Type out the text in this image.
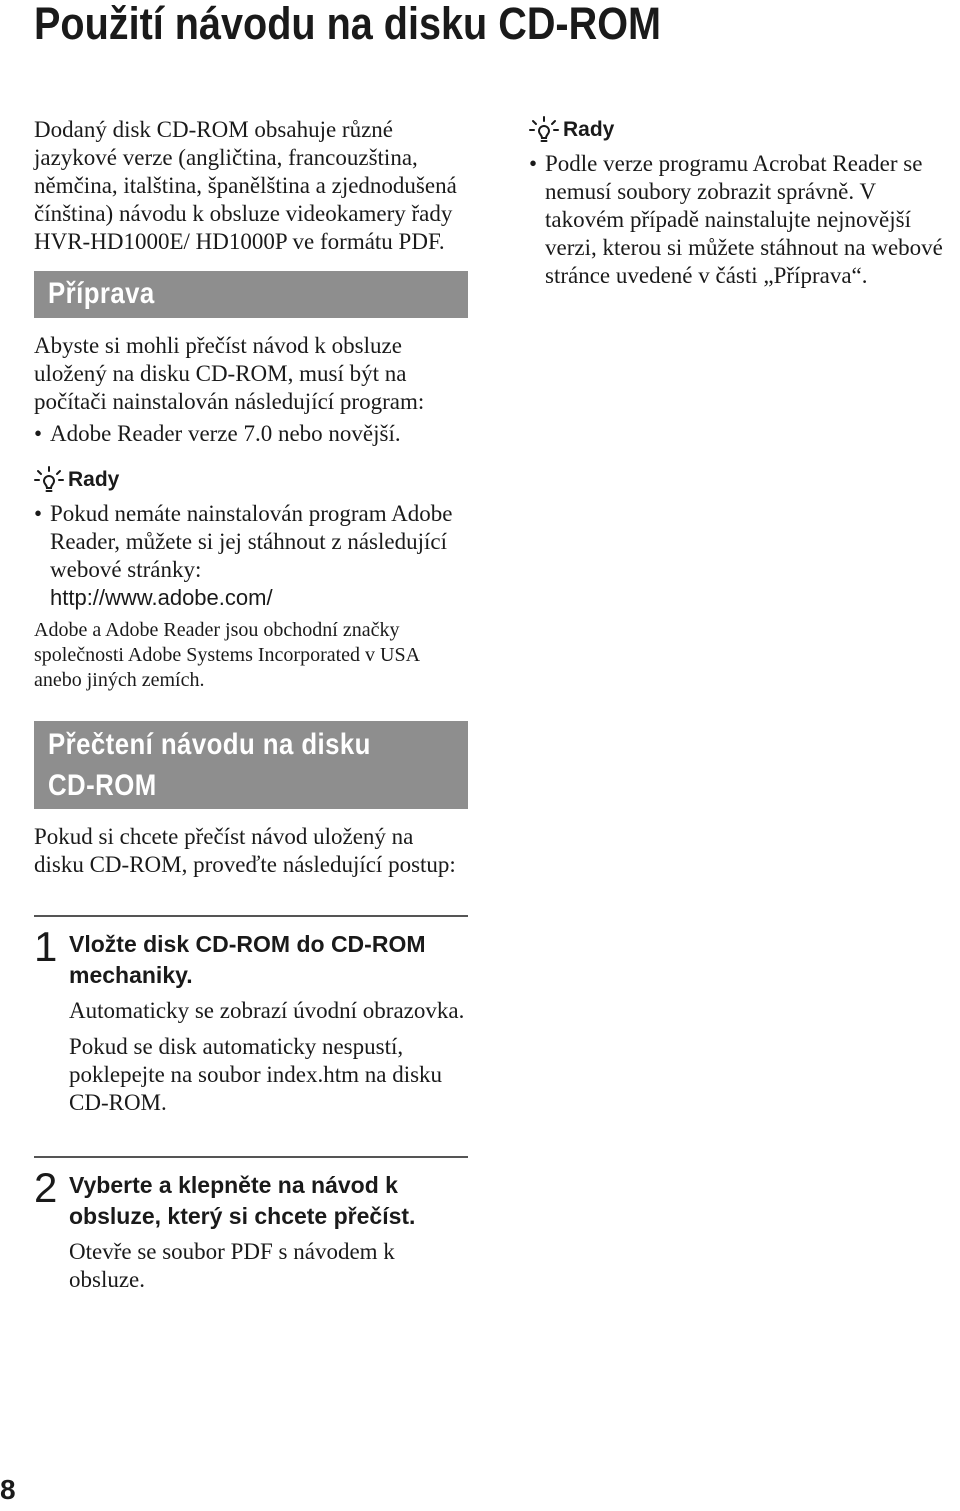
Použití návodu na disku CD-ROM

Dodaný disk CD-ROM obsahuje různé jazykové verze (angličtina, francouzština, němčina, italština, španělština a zjednodušená čínština) návodu k obsluze videokamery řady HVR-HD1000E/ HD1000P ve formátu PDF.

Příprava

Abyste si mohli přečíst návod k obsluze uložený na disku CD-ROM, musí být na počítači nainstalován následující program:

• Adobe Reader verze 7.0 nebo novější.

Rady

• Pokud nemáte nainstalován program Adobe Reader, můžete si jej stáhnout z následující webové stránky:
http://www.adobe.com/

Adobe a Adobe Reader jsou obchodní značky společnosti Adobe Systems Incorporated v USA anebo jiných zemích.

Přečtení návodu na disku
CD-ROM

Pokud si chcete přečíst návod uložený na disku CD-ROM, proveďte následující postup:

1 Vložte disk CD-ROM do CD-ROM mechaniky.

Automaticky se zobrazí úvodní obrazovka.

Pokud se disk automaticky nespustí, poklepejte na soubor index.htm na disku CD-ROM.

2 Vyberte a klepněte na návod k obsluze, který si chcete přečíst.

Otevře se soubor PDF s návodem k obsluze.

Rady

• Podle verze programu Acrobat Reader se nemusí soubory zobrazit správně. V takovém případě nainstalujte nejnovější verzi, kterou si můžete stáhnout na webové stránce uvedené v části „Příprava“.

8
